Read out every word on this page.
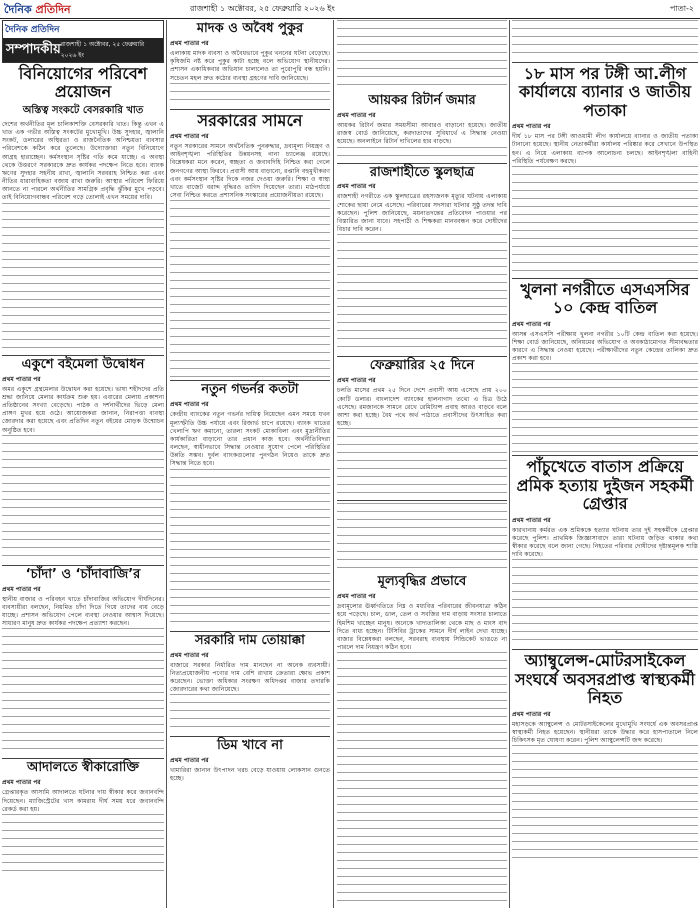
দৈনিক প্রতিদিন	রাজশাহী ১ অক্টোবর, ২৫ ফেব্রুয়ারি ২০২৬ ইং	পাতা-২
দৈনিক প্রতিদিন
সম্পাদকীয় রাজশাহী ১ অক্টোবর, ২৫ ফেব্রুয়ারি ২০২৬ ইং
বিনিয়োগের পরিবেশ প্রয়োজন
অস্তিত্ব সংকটে বেসরকারি খাত

দেশের অর্থনীতির মূল চালিকাশক্তি বেসরকারি খাত। কিন্তু এখন এ খাত এক গভীর অস্তিত্ব সংকটের মুখোমুখি। উচ্চ সুদহার, জ্বালানি সংকট, ডলারের অস্থিরতা ও রাজনৈতিক অনিশ্চয়তা ব্যবসার পরিবেশকে কঠিন করে তুলেছে। উদ্যোক্তারা নতুন বিনিয়োগে আগ্রহ হারাচ্ছেন। কর্মসংস্থান সৃষ্টির গতি কমে যাচ্ছে। এ অবস্থা থেকে উত্তরণে সরকারকে দ্রুত কার্যকর পদক্ষেপ নিতে হবে। ব্যাংক ঋণের সুদহার সহনীয় রাখা, জ্বালানি সরবরাহ নিশ্চিত করা এবং নীতির ধারাবাহিকতা বজায় রাখা জরুরি। আস্থার পরিবেশ ফিরিয়ে আনতে না পারলে অর্থনীতির সামগ্রিক প্রবৃদ্ধি ঝুঁকির মুখে পড়বে। তাই বিনিয়োগবান্ধব পরিবেশ গড়ে তোলাই এখন সময়ের দাবি।

একুশে বইমেলা উদ্বোধন
প্রথম পাতার পর

অমর একুশে গ্রন্থমেলার উদ্বোধন করা হয়েছে। ভাষা শহীদদের প্রতি শ্রদ্ধা জানিয়ে মেলার কার্যক্রম শুরু হয়। এবারের মেলায় প্রকাশনা প্রতিষ্ঠানের সংখ্যা বেড়েছে। পাঠক ও দর্শনার্থীদের ভিড়ে মেলা প্রাঙ্গণ মুখর হয়ে ওঠে। আয়োজকরা জানান, নিরাপত্তা ব্যবস্থা জোরদার করা হয়েছে এবং প্রতিদিন নতুন বইয়ের মোড়ক উন্মোচন অনুষ্ঠিত হবে।

‘চাঁদা’ ও ‘চাঁদাবাজি’র
প্রথম পাতার পর

স্থানীয় বাজার ও পরিবহন খাতে চাঁদাবাজির অভিযোগ দীর্ঘদিনের। ব্যবসায়ীরা বলছেন, নিয়মিত চাঁদা দিতে গিয়ে তাদের ব্যয় বেড়ে যাচ্ছে। প্রশাসন অভিযোগ পেলে ব্যবস্থা নেওয়ার আশ্বাস দিয়েছে। সাধারণ মানুষ দ্রুত কার্যকর পদক্ষেপ প্রত্যাশা করছেন।

আদালতে স্বীকারোক্তি
প্রথম পাতার পর

গ্রেপ্তারকৃত আসামি আদালতে ঘটনার দায় স্বীকার করে জবানবন্দি দিয়েছেন। ম্যাজিস্ট্রেটের খাস কামরায় দীর্ঘ সময় ধরে জবানবন্দি রেকর্ড করা হয়।

মাদক ও অবৈধ পুকুর
প্রথম পাতার পর

এলাকায় মাদক ব্যবসা ও অবৈধভাবে পুকুর খননের ঘটনা বেড়েছে। কৃষিজমি নষ্ট করে পুকুর কাটা হচ্ছে বলে অভিযোগ স্থানীয়দের। প্রশাসন একাধিকবার অভিযান চালালেও তা পুরোপুরি বন্ধ হয়নি। সচেতন মহল দ্রুত কঠোর ব্যবস্থা গ্রহণের দাবি জানিয়েছে।

সরকারের সামনে
প্রথম পাতার পর

নতুন সরকারের সামনে অর্থনৈতিক পুনরুদ্ধার, দ্রব্যমূল্য নিয়ন্ত্রণ ও আইনশৃঙ্খলা পরিস্থিতির উন্নয়নসহ নানা চ্যালেঞ্জ রয়েছে। বিশ্লেষকরা মনে করেন, স্বচ্ছতা ও জবাবদিহি নিশ্চিত করা গেলে জনগণের আস্থা ফিরবে। প্রবাসী আয় বাড়ানো, রপ্তানি বহুমুখীকরণ এবং কর্মসংস্থান সৃষ্টির দিকে নজর দেওয়া জরুরি। শিক্ষা ও স্বাস্থ্য খাতে বাজেট বরাদ্দ বৃদ্ধিরও তাগিদ দিয়েছেন তারা। মাঠপর্যায়ে সেবা নিশ্চিত করতে প্রশাসনিক সংস্কারের প্রয়োজনীয়তা রয়েছে।

নতুন গভর্নর কতটা
প্রথম পাতার পর

কেন্দ্রীয় ব্যাংকের নতুন গভর্নর দায়িত্ব নিয়েছেন এমন সময়ে যখন মূল্যস্ফীতি উচ্চ পর্যায়ে এবং রিজার্ভ চাপে রয়েছে। ব্যাংক খাতের খেলাপি ঋণ কমানো, তারল্য সংকট মোকাবিলা এবং মুদ্রানীতির কার্যকারিতা বাড়ানো তার প্রধান কাজ হবে। অর্থনীতিবিদরা বলছেন, স্বাধীনভাবে সিদ্ধান্ত নেওয়ার সুযোগ পেলে পরিস্থিতির উন্নতি সম্ভব। দুর্বল ব্যাংকগুলোর পুনর্গঠন নিয়েও তাকে দ্রুত সিদ্ধান্ত নিতে হবে।

সরকারি দাম তোয়াক্কা
প্রথম পাতার পর

বাজারে সরকার নির্ধারিত দাম মানছেন না অনেক ব্যবসায়ী। নিত্যপ্রয়োজনীয় পণ্যের দাম বেশি রাখায় ক্রেতারা ক্ষোভ প্রকাশ করেছেন। ভোক্তা অধিকার সংরক্ষণ অধিদপ্তর বাজার তদারকি জোরদারের কথা জানিয়েছে।

ডিম খাবে না
প্রথম পাতার পর

খামারিরা জানান উৎপাদন খরচ বেড়ে যাওয়ায় লোকসান গুনতে হচ্ছে।

আয়কর রিটার্ন জমার
প্রথম পাতার পর

আয়কর রিটার্ন জমার সময়সীমা আবারও বাড়ানো হয়েছে। জাতীয় রাজস্ব বোর্ড জানিয়েছে, করদাতাদের সুবিধার্থে এ সিদ্ধান্ত নেওয়া হয়েছে। অনলাইনে রিটার্ন দাখিলের হার বাড়ছে।

রাজশাহীতে স্কুলছাত্র
প্রথম পাতার পর

রাজশাহী নগরীতে এক স্কুলছাত্রের রহস্যজনক মৃত্যুর ঘটনায় এলাকায় শোকের ছায়া নেমে এসেছে। পরিবারের সদস্যরা ঘটনার সুষ্ঠু তদন্ত দাবি করেছেন। পুলিশ জানিয়েছে, ময়নাতদন্তের প্রতিবেদন পাওয়ার পর বিস্তারিত জানা যাবে। সহপাঠী ও শিক্ষকরা মানববন্ধন করে দোষীদের বিচার দাবি করেন।

ফেব্রুয়ারির ২৫ দিনে
প্রথম পাতার পর

চলতি মাসের প্রথম ২৫ দিনে দেশে প্রবাসী আয় এসেছে প্রায় ২০০ কোটি ডলার। বাংলাদেশ ব্যাংকের হালনাগাদ তথ্যে এ চিত্র উঠে এসেছে। রমজানকে সামনে রেখে রেমিট্যান্স প্রবাহ আরও বাড়বে বলে আশা করা হচ্ছে। বৈধ পথে অর্থ পাঠাতে প্রবাসীদের উৎসাহিত করা হচ্ছে।

মূল্যবৃদ্ধির প্রভাবে
প্রথম পাতার পর

দ্রব্যমূল্যের ঊর্ধ্বগতিতে নিম্ন ও মধ্যবিত্ত পরিবারের জীবনযাত্রা কঠিন হয়ে পড়েছে। চাল, ডাল, তেল ও সবজির দাম বাড়ায় সংসার চালাতে হিমশিম খাচ্ছেন মানুষ। অনেকে খাদ্যতালিকা থেকে মাছ ও মাংস বাদ দিতে বাধ্য হচ্ছেন। টিসিবির ট্রাকের সামনে দীর্ঘ লাইন দেখা যাচ্ছে। বাজার বিশ্লেষকরা বলছেন, সরবরাহ ব্যবস্থায় সিন্ডিকেট ভাঙতে না পারলে দাম নিয়ন্ত্রণ কঠিন হবে।

১৮ মাস পর টঙ্গী আ.লীগ কার্যালয়ে ব্যানার ও জাতীয় পতাকা
প্রথম পাতার পর

দীর্ঘ ১৮ মাস পর টঙ্গী আওয়ামী লীগ কার্যালয়ে ব্যানার ও জাতীয় পতাকা টানানো হয়েছে। স্থানীয় নেতাকর্মীরা কার্যালয় পরিষ্কার করে সেখানে উপস্থিত হন। এ নিয়ে এলাকায় ব্যাপক আলোচনা চলছে। আইনশৃঙ্খলা বাহিনী পরিস্থিতি পর্যবেক্ষণ করছে।

খুলনা নগরীতে এসএসসির ১০ কেন্দ্র বাতিল
প্রথম পাতার পর

আসন্ন এসএসসি পরীক্ষায় খুলনা নগরীর ১০টি কেন্দ্র বাতিল করা হয়েছে। শিক্ষা বোর্ড জানিয়েছে, অনিয়মের অভিযোগ ও অবকাঠামোগত সীমাবদ্ধতার কারণে এ সিদ্ধান্ত নেওয়া হয়েছে। পরীক্ষার্থীদের নতুন কেন্দ্রের তালিকা দ্রুত প্রকাশ করা হবে।

পাঁচুখেতে বাতাস প্রক্রিয়ে প্রমিক হত্যায় দুইজন সহকর্মী গ্রেপ্তার
প্রথম পাতার পর

কারখানায় কর্মরত এক শ্রমিককে হত্যার ঘটনায় তার দুই সহকর্মীকে গ্রেপ্তার করেছে পুলিশ। প্রাথমিক জিজ্ঞাসাবাদে তারা ঘটনায় জড়িত থাকার কথা স্বীকার করেছে বলে জানা গেছে। নিহতের পরিবার দোষীদের দৃষ্টান্তমূলক শাস্তি দাবি করেছে।

অ্যাম্বুলেন্স-মোটরসাইকেল সংঘর্ষে অবসরপ্রাপ্ত স্বাস্থ্যকর্মী নিহত
প্রথম পাতার পর

মহাসড়কে অ্যাম্বুলেন্স ও মোটরসাইকেলের মুখোমুখি সংঘর্ষে এক অবসরপ্রাপ্ত স্বাস্থ্যকর্মী নিহত হয়েছেন। স্থানীয়রা তাকে উদ্ধার করে হাসপাতালে নিলে চিকিৎসক মৃত ঘোষণা করেন। পুলিশ অ্যাম্বুলেন্সটি জব্দ করেছে।
